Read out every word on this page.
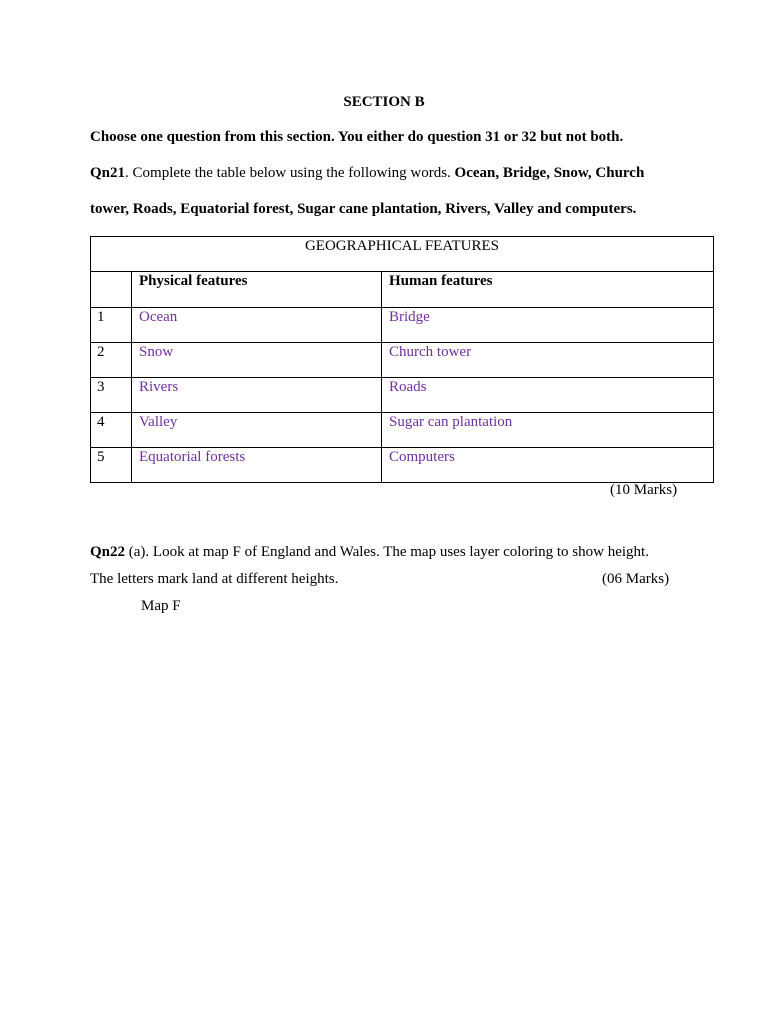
SECTION B
Choose one question from this section. You either do question 31 or 32 but not both.
Qn21. Complete the table below using the following words. Ocean, Bridge, Snow, Church
tower, Roads, Equatorial forest, Sugar cane plantation, Rivers, Valley and computers.
GEOGRAPHICAL FEATURES		

	Physical features	Human features

1	Ocean	Bridge

2	Snow	Church tower

3	Rivers	Roads

4	Valley	Sugar can plantation

5	Equatorial forests	Computers
(10 Marks)
Qn22 (a). Look at map F of England and Wales. The map uses layer coloring to show height.
The letters mark land at different heights.	(06 Marks)
Map F
